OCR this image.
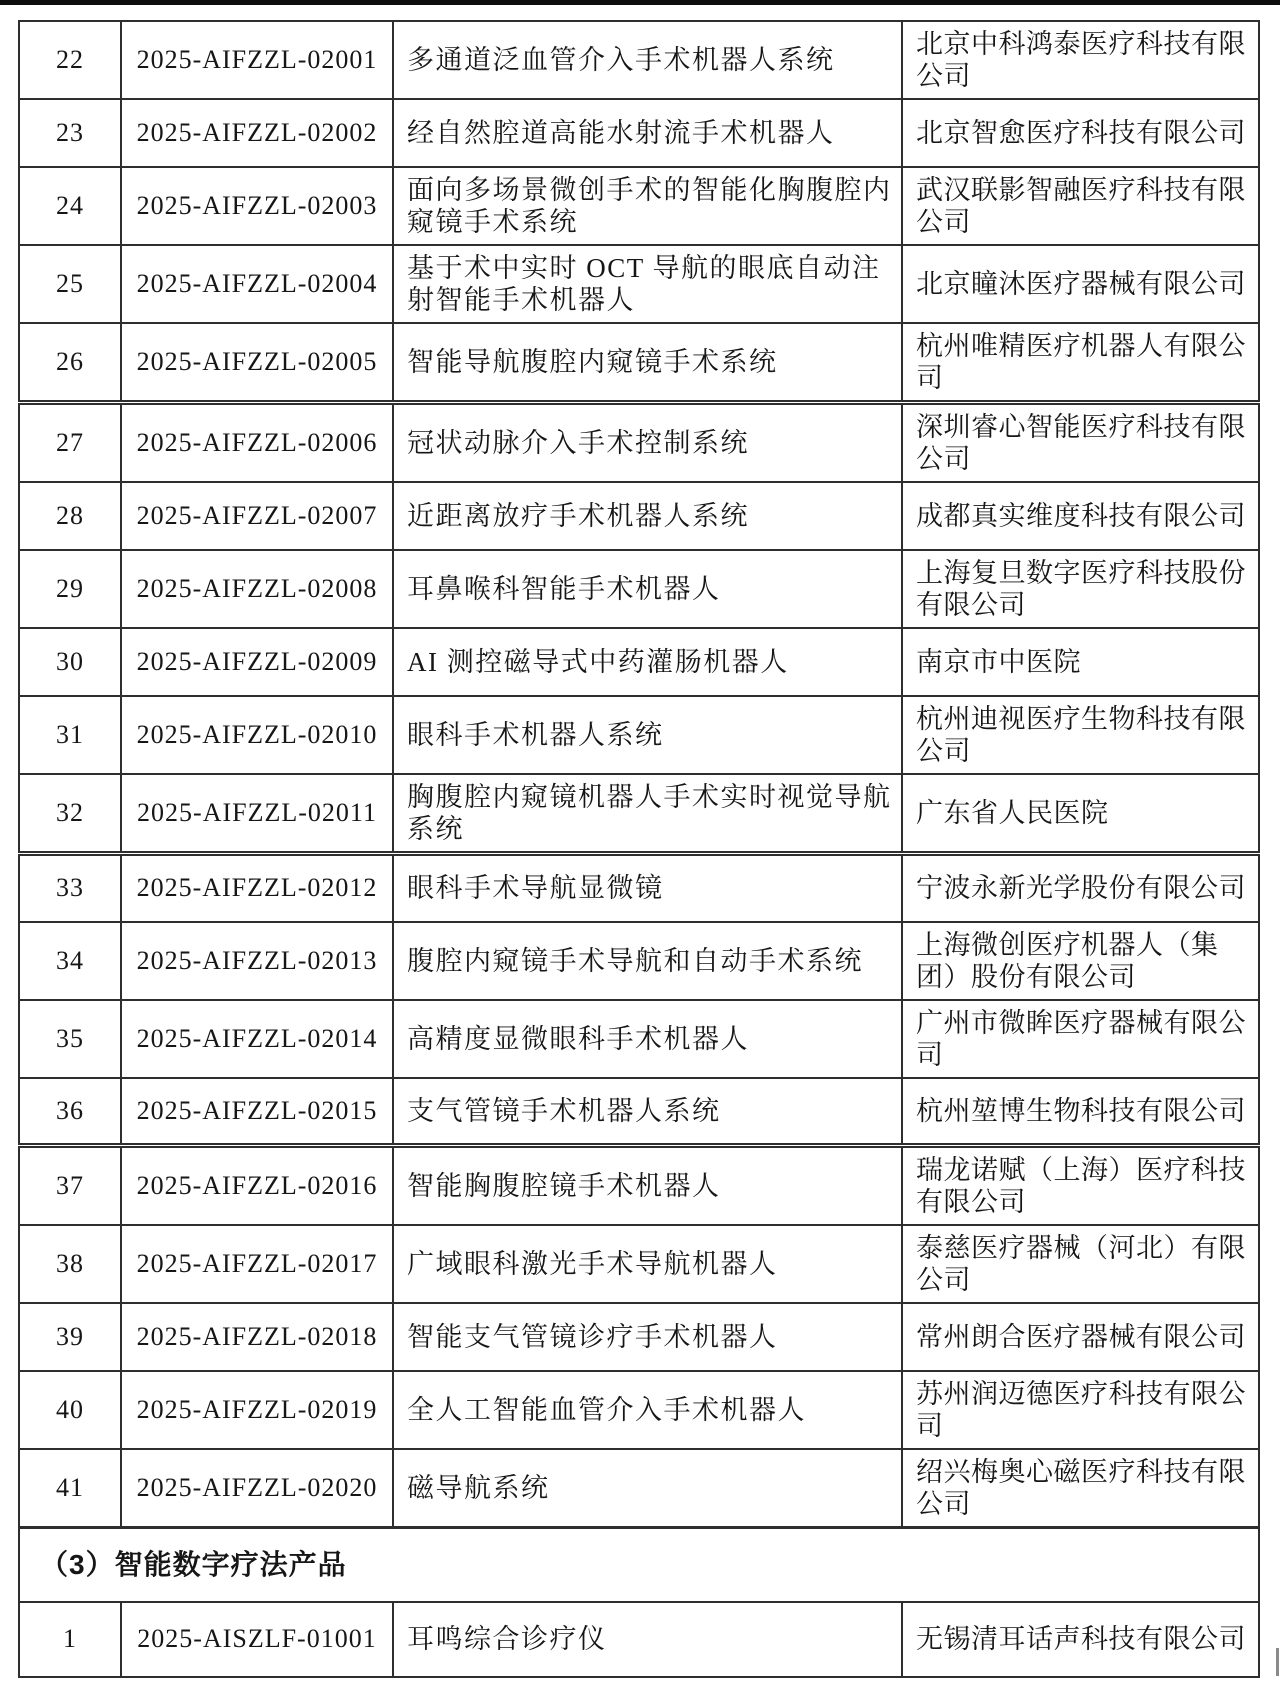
22	2025-AIFZZL-02001	多通道泛血管介入手术机器人系统	北京中科鸿泰医疗科技有限公司
23	2025-AIFZZL-02002	经自然腔道高能水射流手术机器人	北京智愈医疗科技有限公司
24	2025-AIFZZL-02003	面向多场景微创手术的智能化胸腹腔内窥镜手术系统	武汉联影智融医疗科技有限公司
25	2025-AIFZZL-02004	基于术中实时 OCT 导航的眼底自动注射智能手术机器人	北京瞳沐医疗器械有限公司
26	2025-AIFZZL-02005	智能导航腹腔内窥镜手术系统	杭州唯精医疗机器人有限公司
27	2025-AIFZZL-02006	冠状动脉介入手术控制系统	深圳睿心智能医疗科技有限公司
28	2025-AIFZZL-02007	近距离放疗手术机器人系统	成都真实维度科技有限公司
29	2025-AIFZZL-02008	耳鼻喉科智能手术机器人	上海复旦数字医疗科技股份有限公司
30	2025-AIFZZL-02009	AI 测控磁导式中药灌肠机器人	南京市中医院
31	2025-AIFZZL-02010	眼科手术机器人系统	杭州迪视医疗生物科技有限公司
32	2025-AIFZZL-02011	胸腹腔内窥镜机器人手术实时视觉导航系统	广东省人民医院
33	2025-AIFZZL-02012	眼科手术导航显微镜	宁波永新光学股份有限公司
34	2025-AIFZZL-02013	腹腔内窥镜手术导航和自动手术系统	上海微创医疗机器人（集团）股份有限公司
35	2025-AIFZZL-02014	高精度显微眼科手术机器人	广州市微眸医疗器械有限公司
36	2025-AIFZZL-02015	支气管镜手术机器人系统	杭州堃博生物科技有限公司
37	2025-AIFZZL-02016	智能胸腹腔镜手术机器人	瑞龙诺赋（上海）医疗科技有限公司
38	2025-AIFZZL-02017	广域眼科激光手术导航机器人	泰慈医疗器械（河北）有限公司
39	2025-AIFZZL-02018	智能支气管镜诊疗手术机器人	常州朗合医疗器械有限公司
40	2025-AIFZZL-02019	全人工智能血管介入手术机器人	苏州润迈德医疗科技有限公司
41	2025-AIFZZL-02020	磁导航系统	绍兴梅奥心磁医疗科技有限公司
（3）智能数字疗法产品			
1	2025-AISZLF-01001	耳鸣综合诊疗仪	无锡清耳话声科技有限公司
